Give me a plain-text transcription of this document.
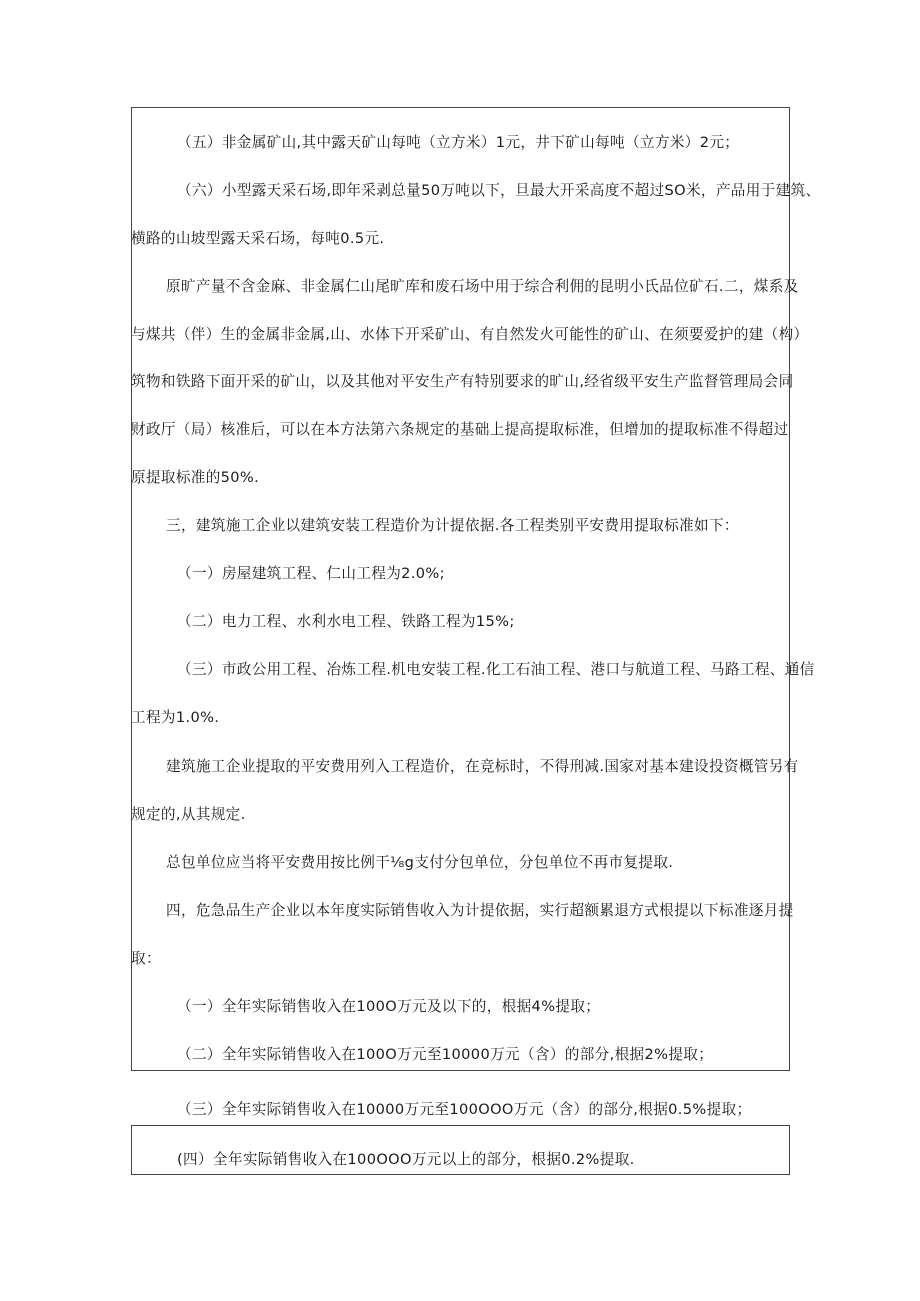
（五）非金属矿山,其中露天矿山每吨（立方米）1元，井下矿山每吨（立方米）2元；
（六）小型露天采石场,即年采剥总量50万吨以下，旦最大开采高度不超过SO米，产品用于建筑、
横路的山坡型露天采石场，每吨0.5元.
原旷产量不含金麻、非金属仁山尾旷库和废石场中用于综合利佣的昆明小氏品位矿石.二，煤系及
与煤共（伴）生的金属非金属,山、水体下开采矿山、有自然发火可能性的矿山、在须要爱护的建（构）
筑物和铁路下面开采的矿山，以及其他对平安生产有特别要求的旷山,经省级平安生产监督管理局会同
财政厅（局）核准后，可以在本方法第六条规定的基础上提高提取标准，但增加的提取标准不得超过
原提取标准的50%.
三，建筑施工企业以建筑安装工程造价为计提依据.各工程类别平安费用提取标准如下：
（一）房屋建筑工程、仁山工程为2.0%;
（二）电力工程、水利水电工程、铁路工程为15%;
（三）市政公用工程、冶炼工程.机电安装工程.化工石油工程、港口与航道工程、马路工程、通信
工程为1.0%.
建筑施工企业提取的平安费用列入工程造价，在竞标时，不得刑减.国家对基本建设投资概管另有
规定的,从其规定.
总包单位应当将平安费用按比例干⅛g支付分包单位，分包单位不再市复提取.
四，危急品生产企业以本年度实际销售收入为计提依据，实行超额累退方式根提以下标准逐月提
取：
（一）全年实际销售收入在100O万元及以下的，根据4%提取；
（二）全年实际销售收入在100O万元至10000万元（含）的部分,根据2%提取；
（三）全年实际销售收入在10000万元至100OOO万元（含）的部分,根据0.5%提取；
(四）全年实际销售收入在100OOO万元以上的部分，根据0.2%提取.
